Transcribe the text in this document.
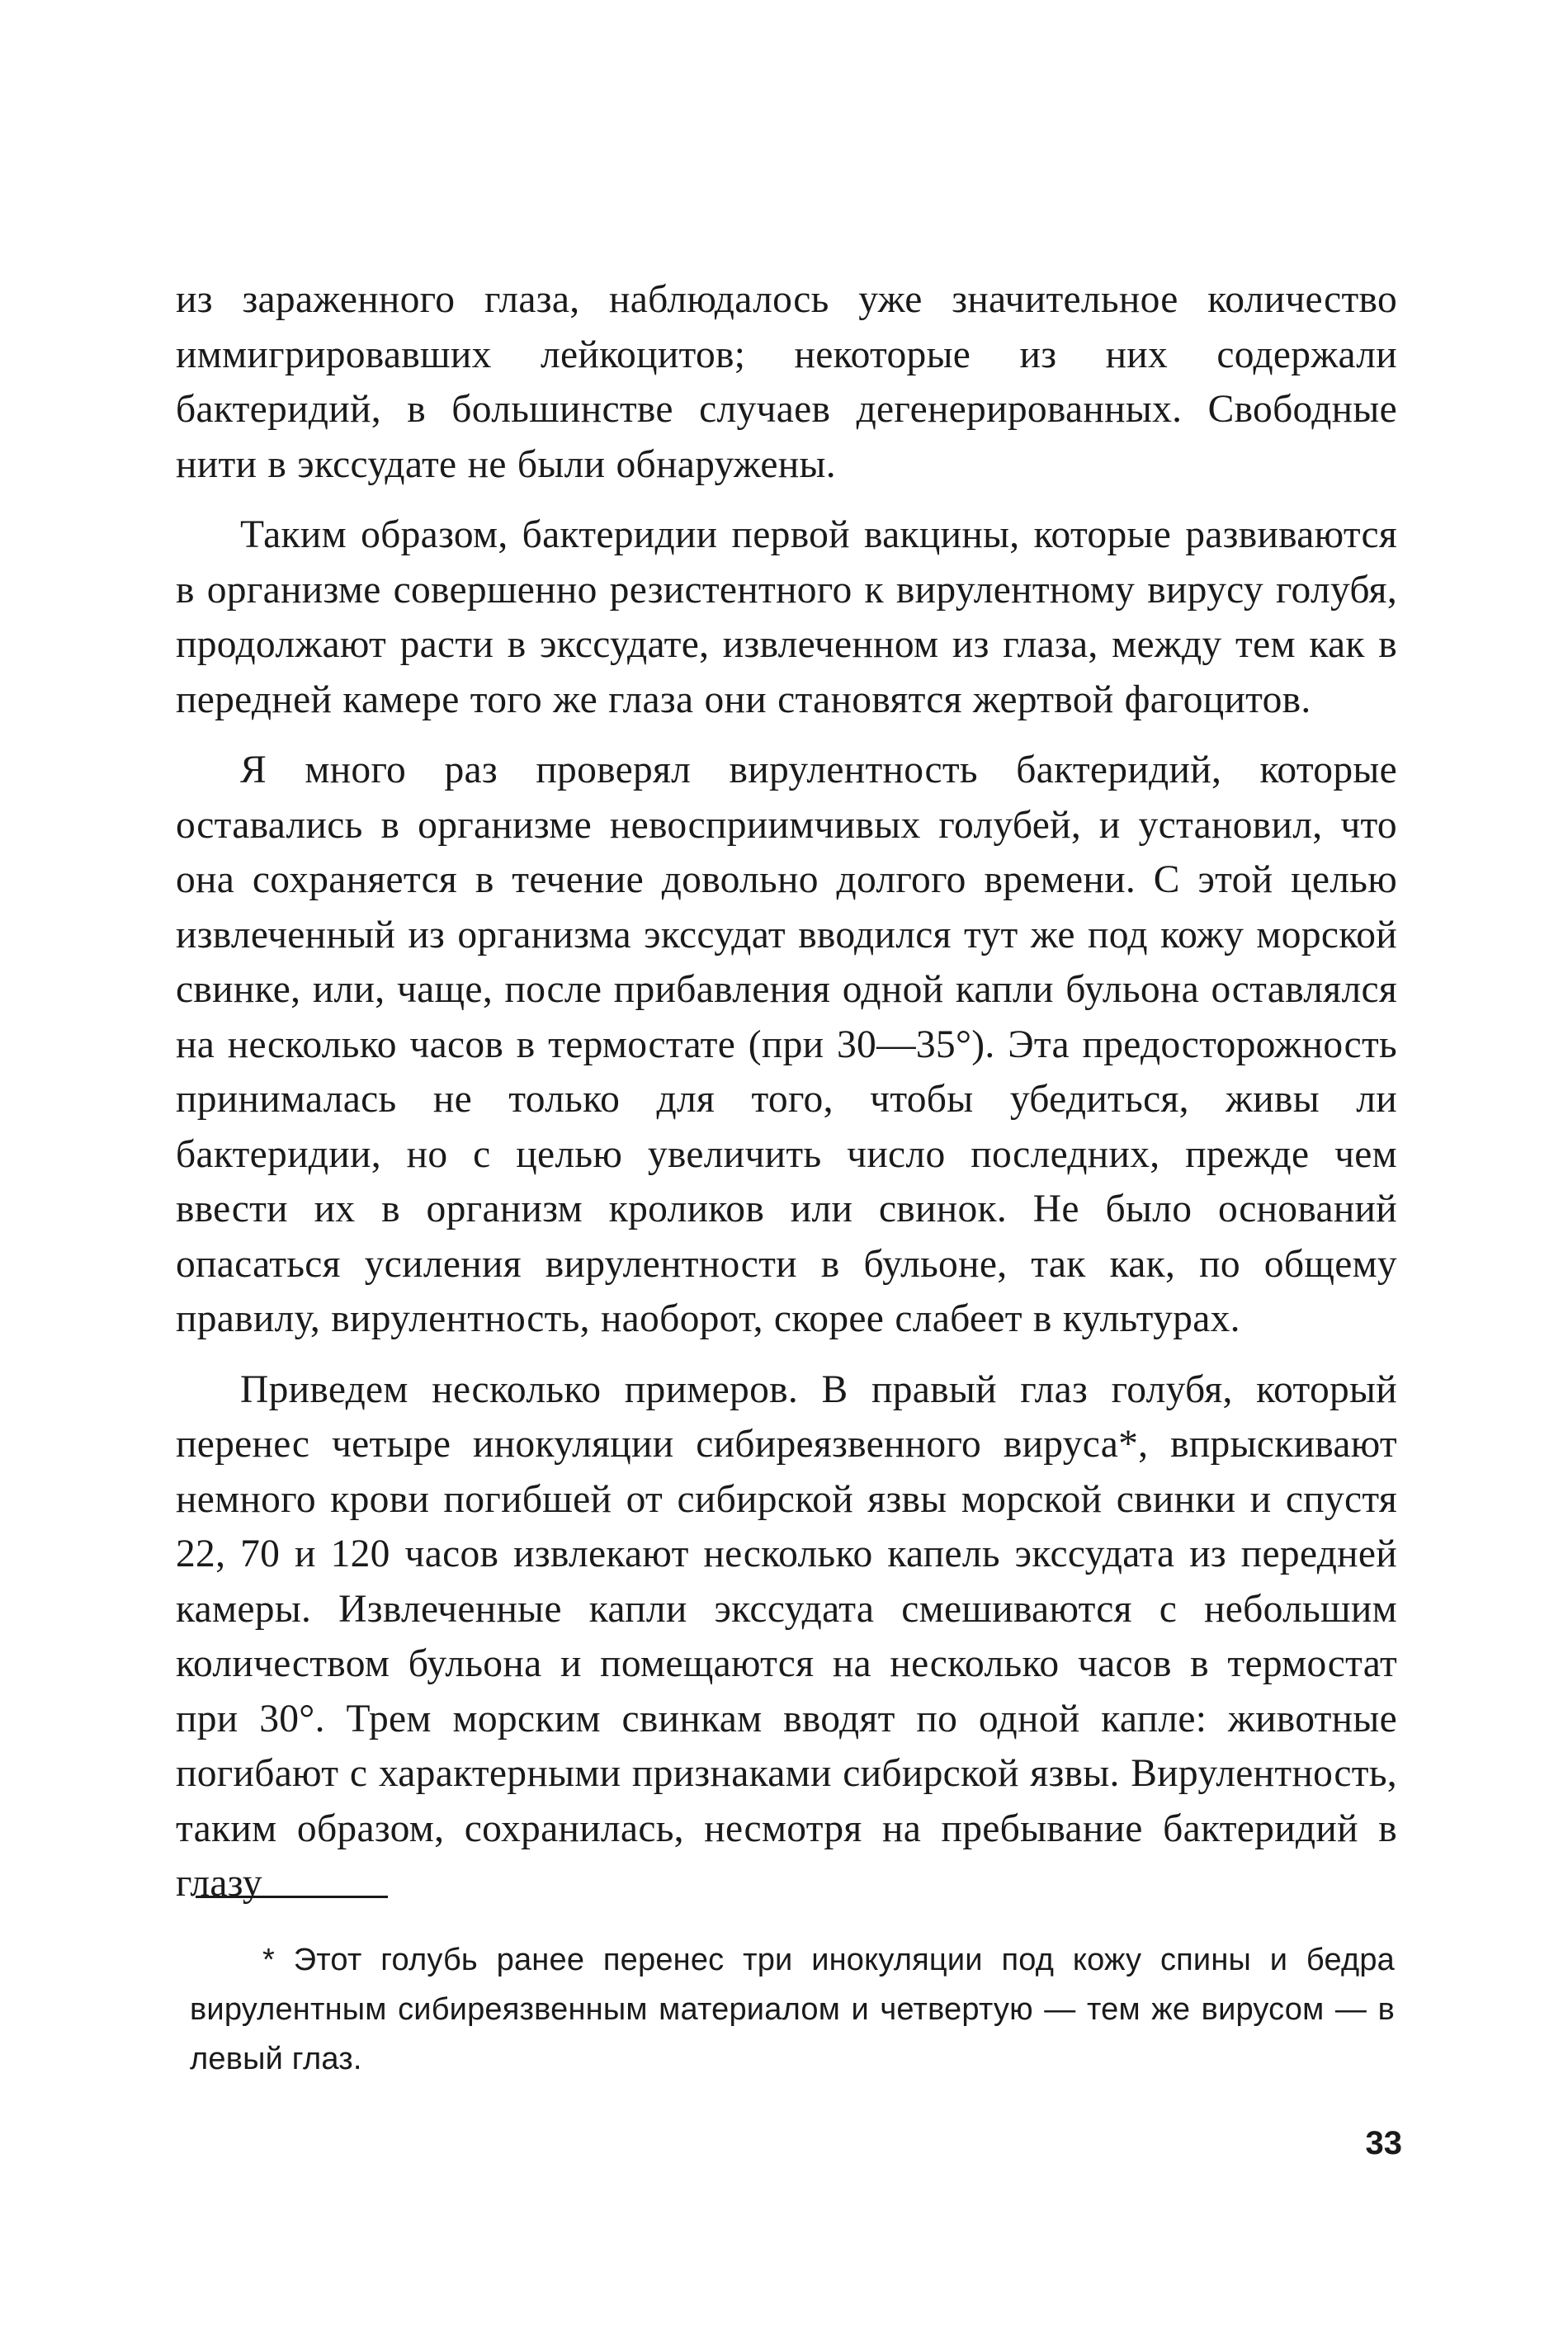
из зараженного глаза, наблюдалось уже значительное количество иммигрировавших лейкоцитов; некоторые из них содержали бактеридий, в большинстве случаев дегенерированных. Свободные нити в экссудате не были обнаружены.

Таким образом, бактеридии первой вакцины, которые развиваются в организме совершенно резистентного к вирулентному вирусу голубя, продолжают расти в экссудате, извлеченном из глаза, между тем как в передней камере того же глаза они становятся жертвой фагоцитов.

Я много раз проверял вирулентность бактеридий, которые оставались в организме невосприимчивых голубей, и установил, что она сохраняется в течение довольно долгого времени. С этой целью извлеченный из организма экссудат вводился тут же под кожу морской свинке, или, чаще, после прибавления одной капли бульона оставлялся на несколько часов в термостате (при 30—35°). Эта предосторожность принималась не только для того, чтобы убедиться, живы ли бактеридии, но с целью увеличить число последних, прежде чем ввести их в организм кроликов или свинок. Не было оснований опасаться усиления вирулентности в бульоне, так как, по общему правилу, вирулентность, наоборот, скорее слабеет в культурах.

Приведем несколько примеров. В правый глаз голубя, который перенес четыре инокуляции сибиреязвенного вируса*, впрыскивают немного крови погибшей от сибирской язвы морской свинки и спустя 22, 70 и 120 часов извлекают несколько капель экссудата из передней камеры. Извлеченные капли экссудата смешиваются с небольшим количеством бульона и помещаются на несколько часов в термостат при 30°. Трем морским свинкам вводят по одной капле: животные погибают с характерными признаками сибирской язвы. Вирулентность, таким образом, сохранилась, несмотря на пребывание бактеридий в глазу

* Этот голубь ранее перенес три инокуляции под кожу спины и бедра вирулентным сибиреязвенным материалом и четвертую — тем же вирусом — в левый глаз.

33
